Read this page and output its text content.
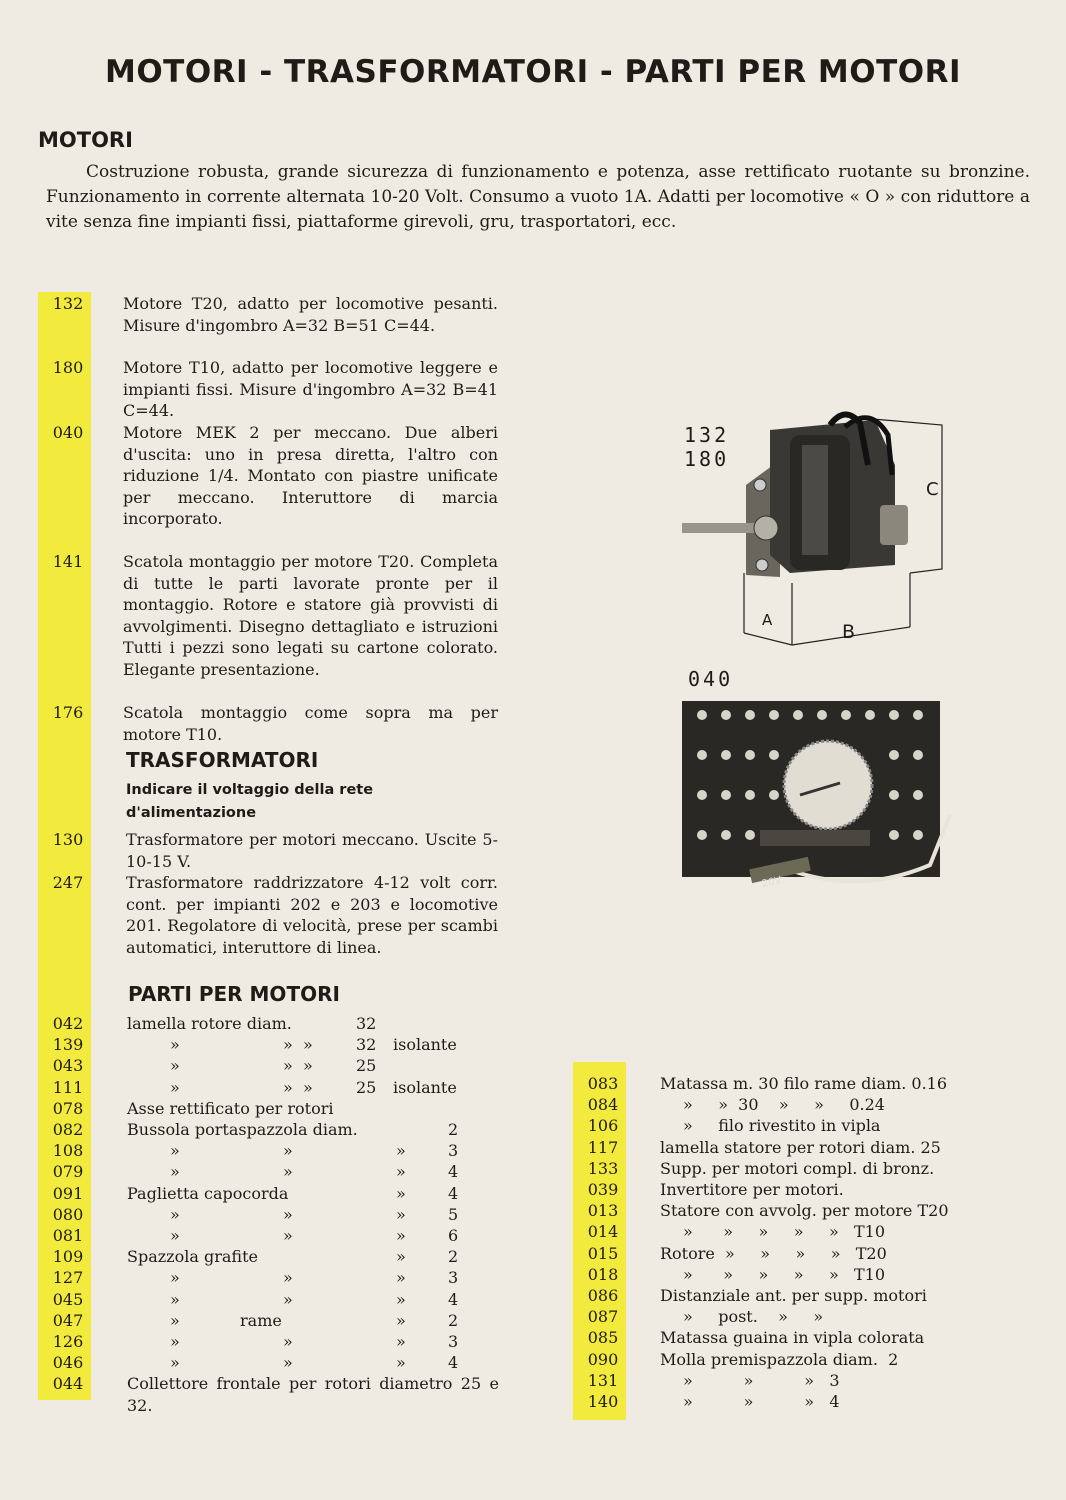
MOTORI - TRASFORMATORI - PARTI PER MOTORI
MOTORI

Costruzione robusta, grande sicurezza di funzionamento e potenza, asse rettificato ruotante su bronzine. Funzionamento in corrente alternata 10-20 Volt. Consumo a vuoto 1A. Adatti per locomotive « O » con riduttore a vite senza fine impianti fissi, piattaforme girevoli, gru, trasportatori, ecc.

132	Motore T20, adatto per locomotive pesanti. Misure d'ingombro A=32 B=51 C=44.

180	Motore T10, adatto per locomotive leggere e impianti fissi. Misure d'ingombro A=32 B=41 C=44.

040	Motore MEK 2 per meccano. Due alberi d'uscita: uno in presa diretta, l'altro con riduzione 1/4. Montato con piastre unificate per meccano. Interuttore di marcia incorporato.

141	Scatola montaggio per motore T20. Completa di tutte le parti lavorate pronte per il montaggio. Rotore e statore già provvisti di avvolgimenti. Disegno dettagliato e istruzioni Tutti i pezzi sono legati su cartone colorato. Elegante presentazione.

176	Scatola montaggio come sopra ma per motore T10.

TRASFORMATORI

Indicare il voltaggio della rete d'alimentazione

130	Trasformatore per motori meccano. Uscite 5-10-15 V.

247	Trasformatore raddrizzatore 4-12 volt corr. cont. per impianti 202 e 203 e locomotive 201. Regolatore di velocità, prese per scambi automatici, interuttore di linea.

PARTI PER MOTORI
042	lamella rotore diam.	32
139	»	» »	32 isolante
043	»	» »	25
111	»	» »	25 isolante
078	Asse rettificato per rotori
082	Bussola portaspazzola diam.	2
108	»	»	»	3
079	»	»	»	4
091	Paglietta capocorda	»	4
080	»	»	»	5
081	»	»	»	6
109	Spazzola grafite	»	2
127	»	»	»	3
045	»	»	»	4
047	»	rame	»	2
126	»	»	»	3
046	»	»	»	4
044	Collettore frontale per rotori diametro 25 e 32.
083	Matassa m. 30 filo rame diam. 0.16
084	»     »  30    »     »     0.24
106	»     filo rivestito in vipla
117	lamella statore per rotori diam. 25
133	Supp. per motori compl. di bronz.
039	Invertitore per motori.
013	Statore con avvolg. per motore T20
014	»      »     »     »     »   T10
015	Rotore  »     »     »     »   T20
018	»      »     »     »     »   T10
086	Distanziale ant. per supp. motori
087	»     post.    »     »
085	Matassa guaina in vipla colorata
090	Molla premispazzola diam.  2
131	»          »          »   3
140	»          »          »   4
132
180
A
B
C
040
20V
